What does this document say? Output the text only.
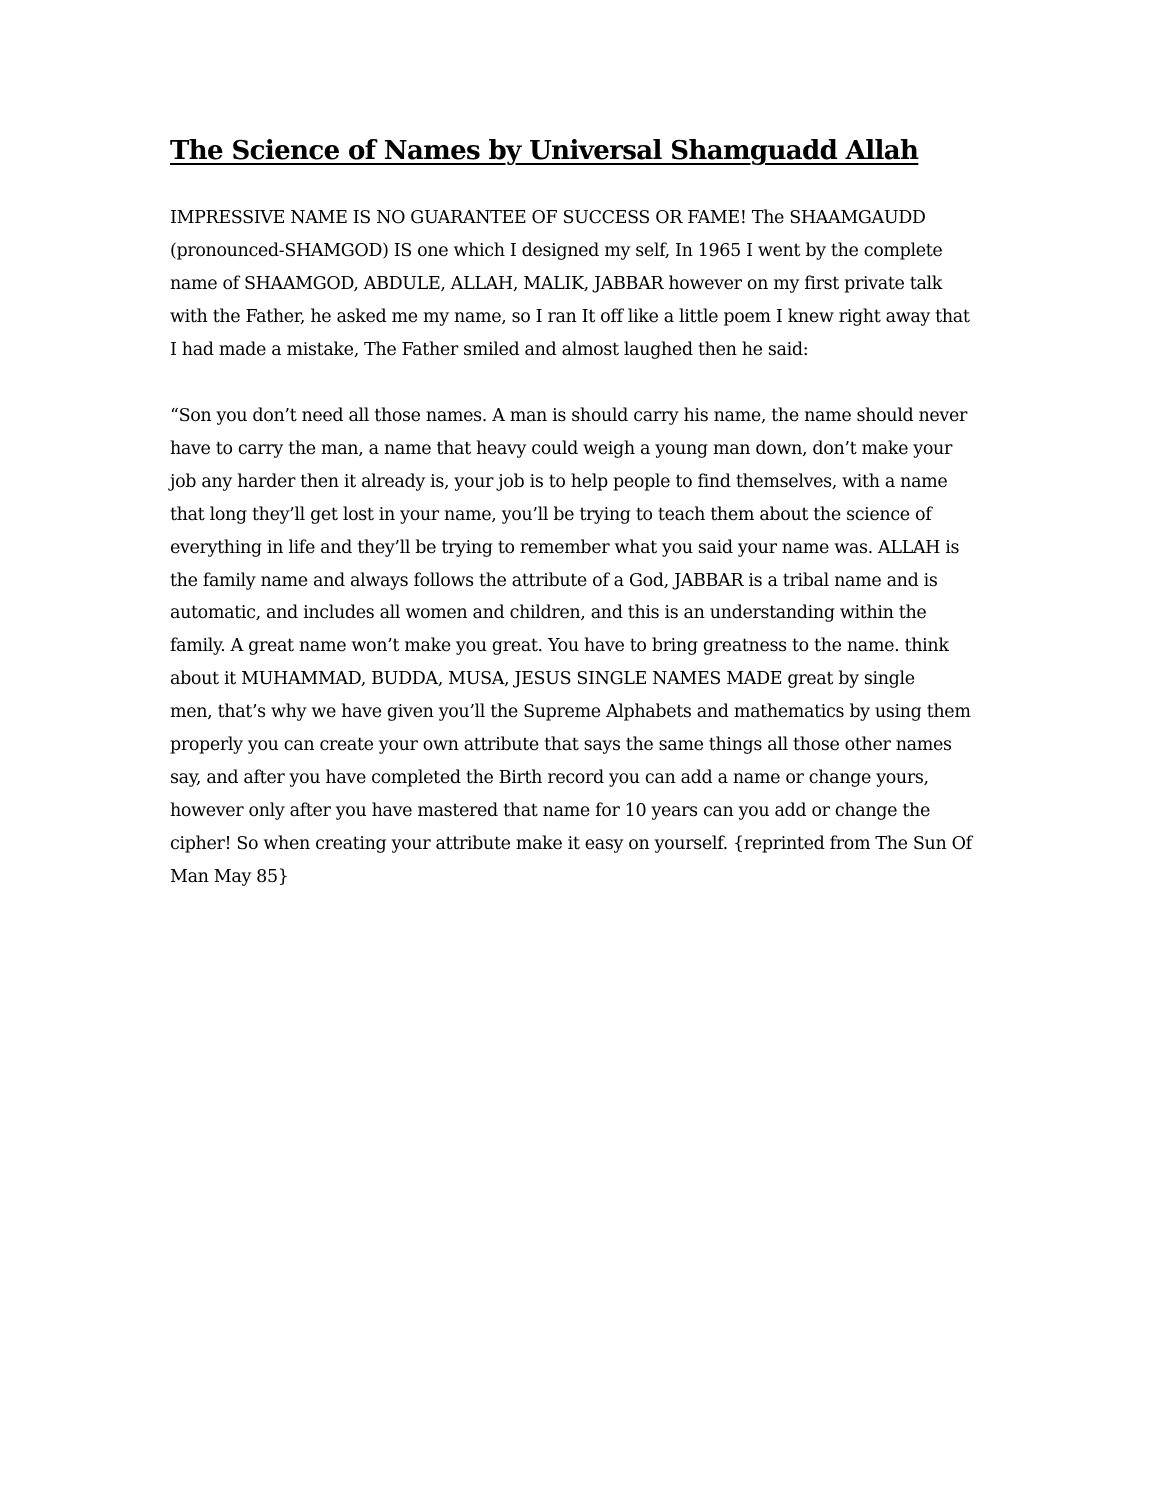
The Science of Names by Universal Shamguadd Allah

IMPRESSIVE NAME IS NO GUARANTEE OF SUCCESS OR FAME! The SHAAMGAUDD
(pronounced-SHAMGOD) IS one which I designed my self, In 1965 I went by the complete
name of SHAAMGOD, ABDULE, ALLAH, MALIK, JABBAR however on my first private talk
with the Father, he asked me my name, so I ran It off like a little poem I knew right away that
I had made a mistake, The Father smiled and almost laughed then he said:

“Son you don’t need all those names. A man is should carry his name, the name should never
have to carry the man, a name that heavy could weigh a young man down, don’t make your
job any harder then it already is, your job is to help people to find themselves, with a name
that long they’ll get lost in your name, you’ll be trying to teach them about the science of
everything in life and they’ll be trying to remember what you said your name was. ALLAH is
the family name and always follows the attribute of a God, JABBAR is a tribal name and is
automatic, and includes all women and children, and this is an understanding within the
family. A great name won’t make you great. You have to bring greatness to the name. think
about it MUHAMMAD, BUDDA, MUSA, JESUS SINGLE NAMES MADE great by single
men, that’s why we have given you’ll the Supreme Alphabets and mathematics by using them
properly you can create your own attribute that says the same things all those other names
say, and after you have completed the Birth record you can add a name or change yours,
however only after you have mastered that name for 10 years can you add or change the
cipher! So when creating your attribute make it easy on yourself. {reprinted from The Sun Of
Man May 85}
